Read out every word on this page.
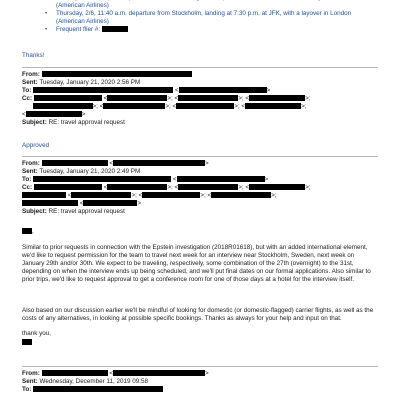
•
(American Airlines)
• Thursday, 2/6, 11:40 a.m. departure from Stockholm, landing at 7:30 p.m. at JFK, with a layover in London
(American Airlines)
• Frequent flier #:
Thanks!
From:
Sent: Tuesday, January 21, 2020 2:56 PM
To:	<	>
Cc:	<	>; <	>; <	>;
>; <	>; <	>; <	>;
<	>
Subject: RE: travel approval request
Approved
From:	<	>
Sent: Tuesday, January 21, 2020 2:49 PM
To:	<	>
Cc:	<	>; <	>; <	>;
<	>; <	>; <	>;
<	>
Subject: RE: travel approval request
,

Similar to prior requests in connection with the Epstein investigation (2018R01618), but with an added international element, we'd like to request permission for the team to travel next week for an interview near Stockholm, Sweden, next week on January 29th and/or 30th. We expect to be traveling, respectively, some combination of the 27th (overnight) to the 31st, depending on when the interview ends up being scheduled, and we'll put final dates on our formal applications. Also similar to prior trips, we'd like to request approval to get a conference room for one of those days at a hotel for the interview itself.

Also based on our discussion earlier we'll be mindful of looking for domestic (or domestic-flagged) carrier flights, as well as the costs of any alternatives, in looking at possible specific bookings. Thanks as always for your help and input on that.

thank you,
From:	<	>
Sent: Wednesday, December 11, 2019 09:58
To:
